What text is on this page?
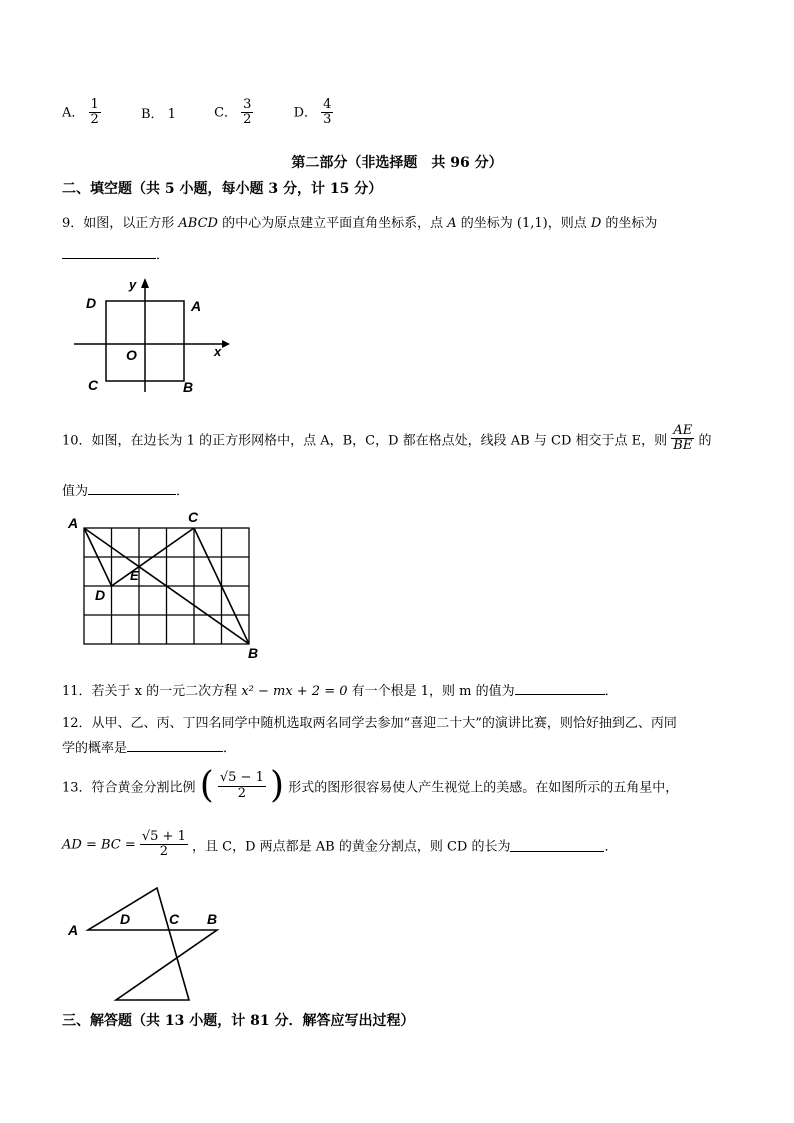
A． $\frac{1}{2}$	B． 1	C． $\frac{3}{2}$	D． $\frac{4}{3}$
第二部分（非选择题　共 96 分）
二、填空题（共 5 小题，每小题 3 分，计 15 分）
9．如图，以正方形 ABCD 的中心为原点建立平面直角坐标系，点 A 的坐标为 (1,1)，则点 D 的坐标为
．
y
x
D	A
O
C	B
10．如图，在边长为 1 的正方形网格中，点 A，B，C，D 都在格点处，线段 AB 与 CD 相交于点 E，则 $\frac{AE}{BE}$ 的
值为	．
A	C
E
D
B
11．若关于 x 的一元二次方程 x² − mx + 2 = 0 有一个根是 1，则 m 的值为	．
12．从甲、乙、丙、丁四名同学中随机选取两名同学去参加“喜迎二十大”的演讲比赛，则恰好抽到乙、丙同
学的概率是	．
13．符合黄金分割比例 ( $\frac{√5 - 1}{2}$ ) 形式的图形很容易使人产生视觉上的美感。在如图所示的五角星中，
AD = BC = $\frac{√5 + 1}{2}$ ，且 C，D 两点都是 AB 的黄金分割点，则 CD 的长为	．
A
D	C B
三、解答题（共 13 小题，计 81 分．解答应写出过程）
